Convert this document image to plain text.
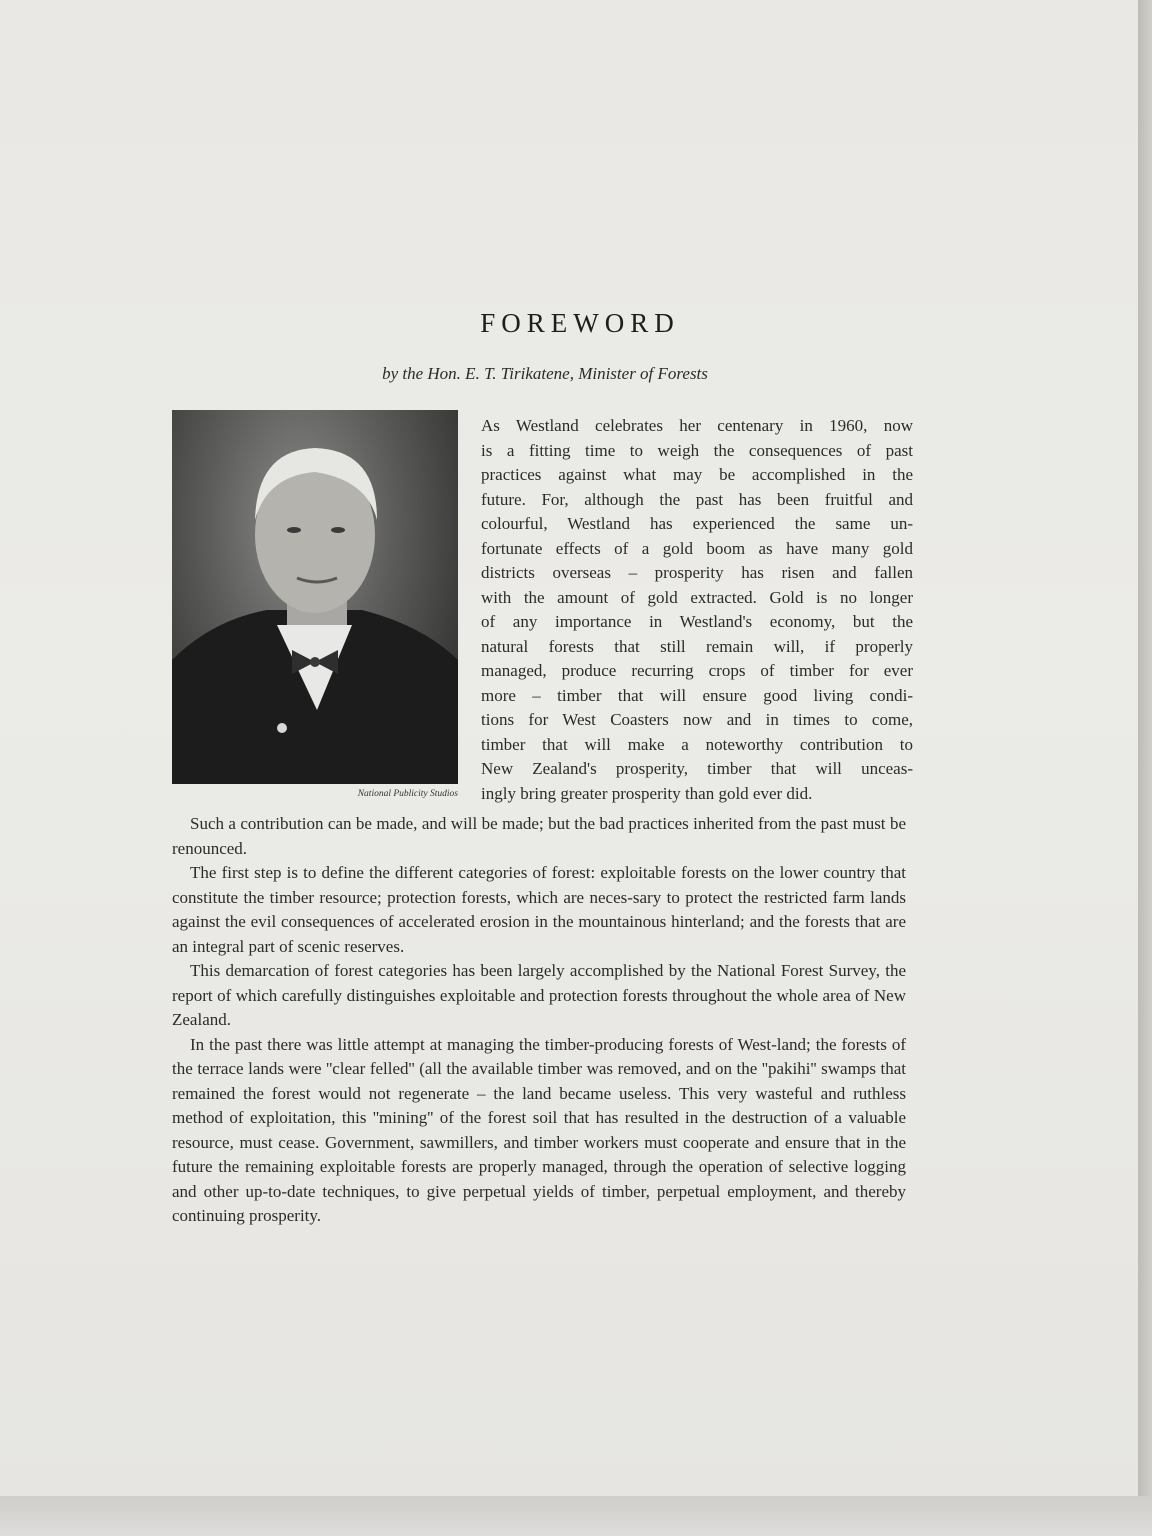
FOREWORD
by the Hon. E. T. Tirikatene, Minister of Forests
National Publicity Studios
As Westland celebrates her centenary in 1960, now
is a fitting time to weigh the consequences of past
practices against what may be accomplished in the
future. For, although the past has been fruitful and
colourful, Westland has experienced the same un-
fortunate effects of a gold boom as have many gold
districts overseas – prosperity has risen and fallen
with the amount of gold extracted. Gold is no longer
of any importance in Westland's economy, but the
natural forests that still remain will, if properly
managed, produce recurring crops of timber for ever
more – timber that will ensure good living condi-
tions for West Coasters now and in times to come,
timber that will make a noteworthy contribution to
New Zealand's prosperity, timber that will unceas-
ingly bring greater prosperity than gold ever did.

Such a contribution can be made, and will be made; but the bad practices inherited from the past must be renounced.

The first step is to define the different categories of forest: exploitable forests on the lower country that constitute the timber resource; protection forests, which are neces-sary to protect the restricted farm lands against the evil consequences of accelerated erosion in the mountainous hinterland; and the forests that are an integral part of scenic reserves.

This demarcation of forest categories has been largely accomplished by the National Forest Survey, the report of which carefully distinguishes exploitable and protection forests throughout the whole area of New Zealand.

In the past there was little attempt at managing the timber-producing forests of West-land; the forests of the terrace lands were ''clear felled'' (all the available timber was removed, and on the ''pakihi'' swamps that remained the forest would not regenerate – the land became useless. This very wasteful and ruthless method of exploitation, this ''mining'' of the forest soil that has resulted in the destruction of a valuable resource, must cease. Government, sawmillers, and timber workers must cooperate and ensure that in the future the remaining exploitable forests are properly managed, through the operation of selective logging and other up-to-date techniques, to give perpetual yields of timber, perpetual employment, and thereby continuing prosperity.
